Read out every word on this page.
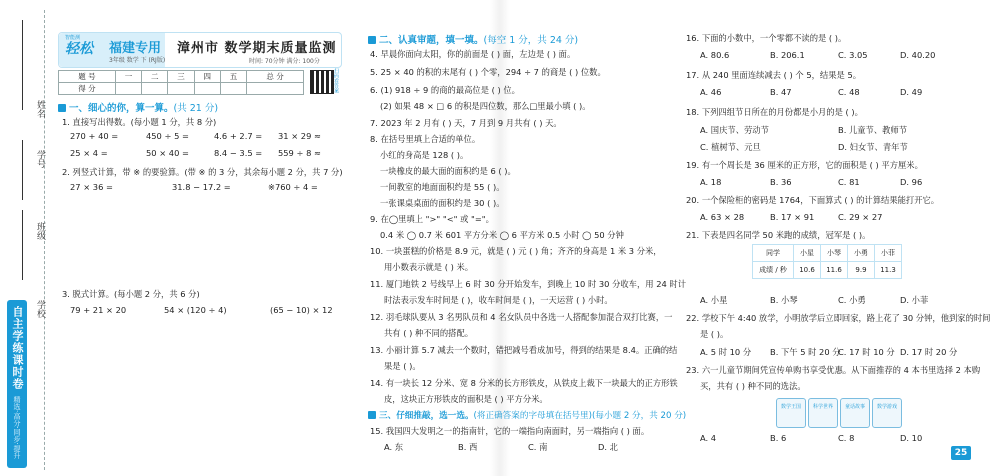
姓名
学号
班级
学校
自主学练课时卷
精选·高分·同步·提升
智能测
轻松 福建专用
3年级 数学 下 (RJ版)
漳州市 数学期末质量监测
时间: 70分钟 满分: 100分
题 号	一	二	三	四	五	总 分
得 分							扫码看答案
一、细心的你，算一算。(共 21 分)
1. 直接写出得数。(每小题 1 分，共 8 分)
270 + 40 =	450 ÷ 5 =	4.6 + 2.7 = 31 × 29 ≈
25 × 4 =	50 × 40 =	8.4 − 3.5 = 559 ÷ 8 ≈
2. 列竖式计算，带 ※ 的要验算。(带 ※ 的 3 分，其余每小题 2 分，共 7 分)
27 × 36 =	31.8 − 17.2 =	※760 ÷ 4 =
3. 脱式计算。(每小题 2 分，共 6 分)
79 + 21 × 20	54 × (120 ÷ 4)	(65 − 10) × 12
二、认真审题，填一填。(每空 1 分，共 24 分)
4. 早晨你面向太阳，你的前面是 ( ) 面，左边是 ( ) 面。
5. 25 × 40 的积的末尾有 ( ) 个零，294 ÷ 7 的商是 ( ) 位数。
6. (1) 918 ÷ 9 的商的最高位是 ( ) 位。
(2) 如果 48 × □ 6 的积是四位数，那么□里最小填 ( )。
7. 2023 年 2 月有 ( ) 天，7 月到 9 月共有 ( ) 天。
8. 在括号里填上合适的单位。
小红的身高是 128 ( )。
一块橡皮的最大面的面积约是 6 ( )。
一间教室的地面面积约是 55 ( )。
一张课桌桌面的面积约是 30 ( )。
9. 在◯里填上 ">" "<" 或 "="。
0.4 米 ◯ 0.7 米 601 平方分米 ◯ 6 平方米 0.5 小时 ◯ 50 分钟
10. 一块蛋糕的价格是 8.9 元，就是 ( ) 元 ( ) 角；齐齐的身高是 1 米 3 分米，
用小数表示就是 ( ) 米。
11. 厦门地铁 2 号线早上 6 时 30 分开始发车，到晚上 10 时 30 分收车，用 24 时计
时法表示发车时间是 ( )，收车时间是 ( )，一天运营 ( ) 小时。
12. 羽毛球队要从 3 名男队员和 4 名女队员中各选一人搭配参加混合双打比赛，一
共有 ( ) 种不同的搭配。
13. 小丽计算 5.7 减去一个数时，错把减号看成加号，得到的结果是 8.4。正确的结
果是 ( )。
14. 有一块长 12 分米、宽 8 分米的长方形铁皮，从铁皮上裁下一块最大的正方形铁
皮，这块正方形铁皮的面积是 ( ) 平方分米。
三、仔细推敲，选一选。(将正确答案的字母填在括号里)(每小题 2 分，共 20 分)
15. 我国四大发明之一的指南针，它的一端指向南面时，另一端指向 ( ) 面。
A. 东	B. 西	C. 南	D. 北
16. 下面的小数中，一个零都不读的是 ( )。
A. 80.6	B. 206.1	C. 3.05	D. 40.20
17. 从 240 里面连续减去 ( ) 个 5，结果是 5。
A. 46	B. 47	C. 48	D. 49
18. 下列四组节日所在的月份都是小月的是 ( )。
A. 国庆节、劳动节	B. 儿童节、教师节
C. 植树节、元旦	D. 妇女节、青年节
19. 有一个周长是 36 厘米的正方形，它的面积是 ( ) 平方厘米。
A. 18	B. 36	C. 81	D. 96
20. 一个保险柜的密码是 1764，下面算式 ( ) 的计算结果能打开它。
A. 63 × 28	B. 17 × 91	C. 29 × 27
21. 下表是四名同学 50 米跑的成绩，冠军是 ( )。
同学	小星	小琴	小勇	小菲
成绩 / 秒	10.6	11.6	9.9	11.3
A. 小星	B. 小琴	C. 小勇	D. 小菲
22. 学校下午 4:40 放学，小明放学后立即回家，路上花了 30 分钟，他到家的时间
是 ( )。
A. 5 时 10 分 B. 下午 5 时 20 分
C. 17 时 10 分 D. 17 时 20 分
23. 六一儿童节期间凭宣传单购书享受优惠。从下面推荐的 4 本书里选择 2 本购
买，共有 ( ) 种不同的选法。
数学王国	科学世界	童话故事	数学游戏
A. 4	B. 6	C. 8	D. 10
25
